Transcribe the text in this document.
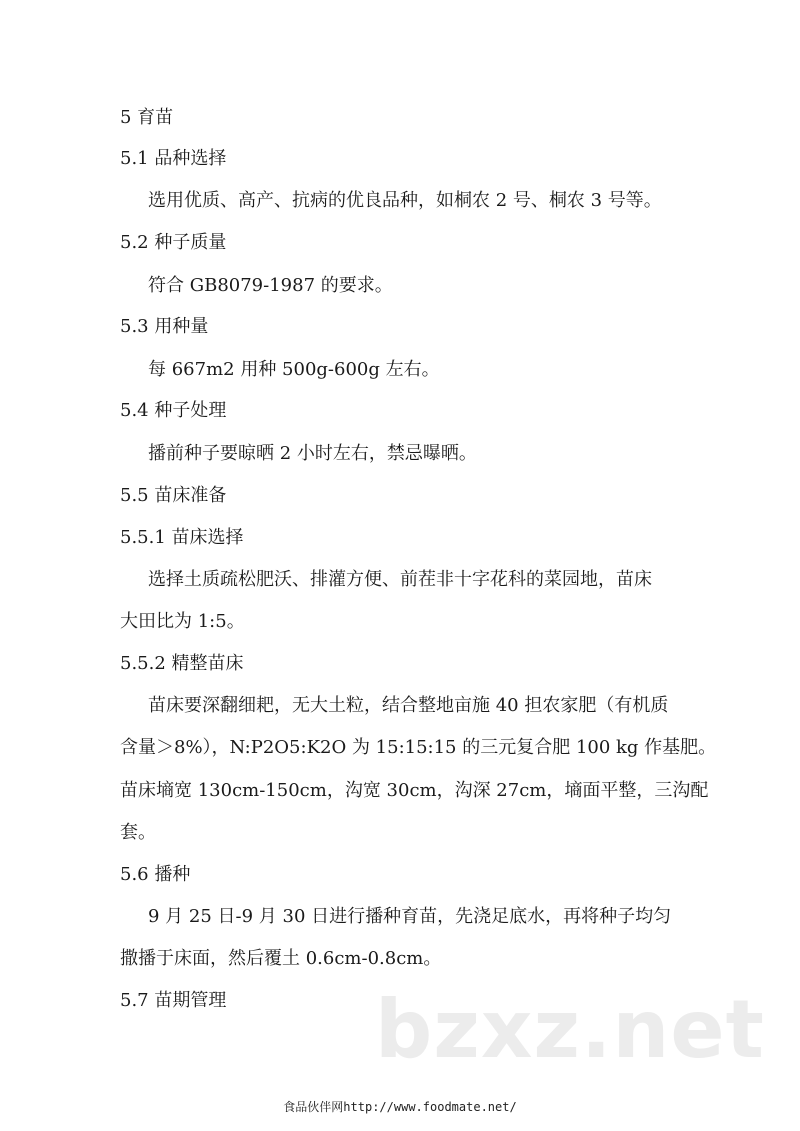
5 育苗
5.1 品种选择
选用优质、高产、抗病的优良品种，如桐农 2 号、桐农 3 号等。
5.2 种子质量
符合 GB8079-1987 的要求。
5.3 用种量
每 667m2 用种 500g-600g 左右。
5.4 种子处理
播前种子要晾晒 2 小时左右，禁忌曝晒。
5.5 苗床准备
5.5.1 苗床选择
选择土质疏松肥沃、排灌方便、前茬非十字花科的菜园地，苗床
大田比为 1:5。
5.5.2 精整苗床
苗床要深翻细耙，无大土粒，结合整地亩施 40 担农家肥（有机质
含量＞8%），N:P2O5:K2O 为 15:15:15 的三元复合肥 100 kg 作基肥。
苗床墒宽 130cm-150cm，沟宽 30cm，沟深 27cm，墒面平整，三沟配
套。
5.6 播种
9 月 25 日-9 月 30 日进行播种育苗，先浇足底水，再将种子均匀
撒播于床面，然后覆土 0.6cm-0.8cm。
5.7 苗期管理 bzxz.net
食品伙伴网http://www.foodmate.net/
